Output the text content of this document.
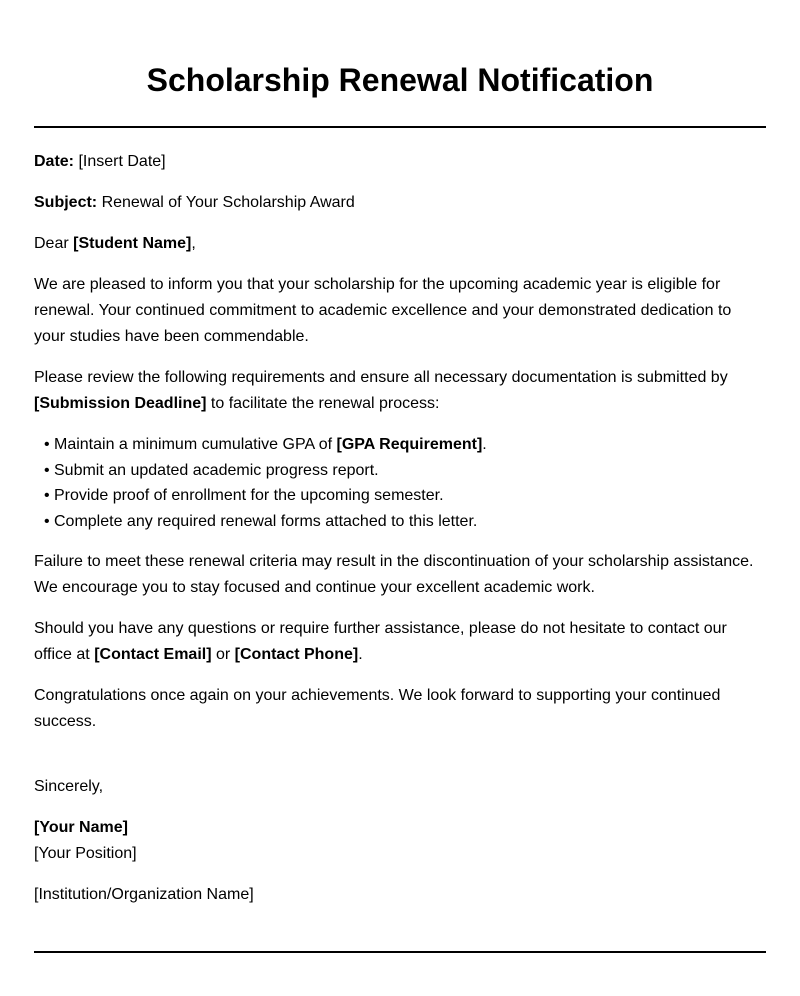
Scholarship Renewal Notification

Date: [Insert Date]

Subject: Renewal of Your Scholarship Award

Dear [Student Name],

We are pleased to inform you that your scholarship for the upcoming academic year is eligible for renewal. Your continued commitment to academic excellence and your demonstrated dedication to your studies have been commendable.

Please review the following requirements and ensure all necessary documentation is submitted by [Submission Deadline] to facilitate the renewal process:

• Maintain a minimum cumulative GPA of [GPA Requirement].
• Submit an updated academic progress report.
• Provide proof of enrollment for the upcoming semester.
• Complete any required renewal forms attached to this letter.

Failure to meet these renewal criteria may result in the discontinuation of your scholarship assistance. We encourage you to stay focused and continue your excellent academic work.

Should you have any questions or require further assistance, please do not hesitate to contact our office at [Contact Email] or [Contact Phone].

Congratulations once again on your achievements. We look forward to supporting your continued success.

Sincerely,

[Your Name]

[Your Position]

[Institution/Organization Name]
